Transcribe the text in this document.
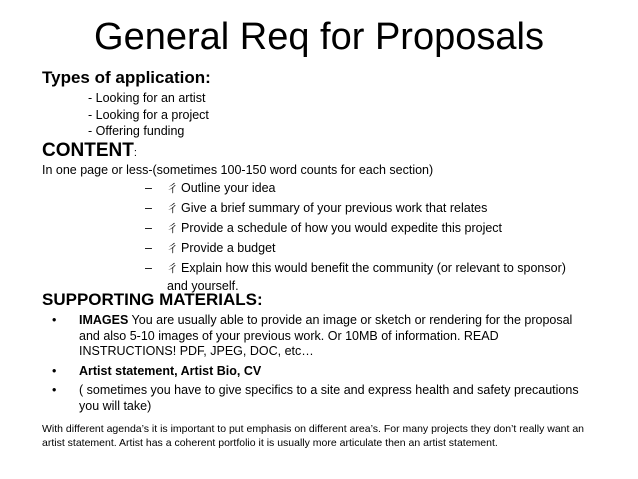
General Req for Proposals
Types of application:
- Looking for an artist
- Looking for a project
- Offering funding
CONTENT:
In one page or less-(sometimes 100-150 word counts for each section)
– 彳 Outline your idea
– 彳 Give a brief summary of your previous work that relates
– 彳 Provide a schedule of how you would expedite this project
– 彳 Provide a budget
– 彳 Explain how this would benefit the community (or relevant to sponsor) and yourself.
SUPPORTING MATERIALS:
• IMAGES You are usually able to provide an image or sketch or rendering for the proposal and also 5-10 images of your previous work. Or 10MB of information. READ INSTRUCTIONS! PDF, JPEG, DOC, etc…
• Artist statement, Artist Bio, CV
• ( sometimes you have to give specifics to a site and express health and safety precautions you will take)
With different agenda’s it is important to put emphasis on different area’s. For many projects they don’t really want an artist statement. Artist has a coherent portfolio it is usually more articulate then an artist statement.
